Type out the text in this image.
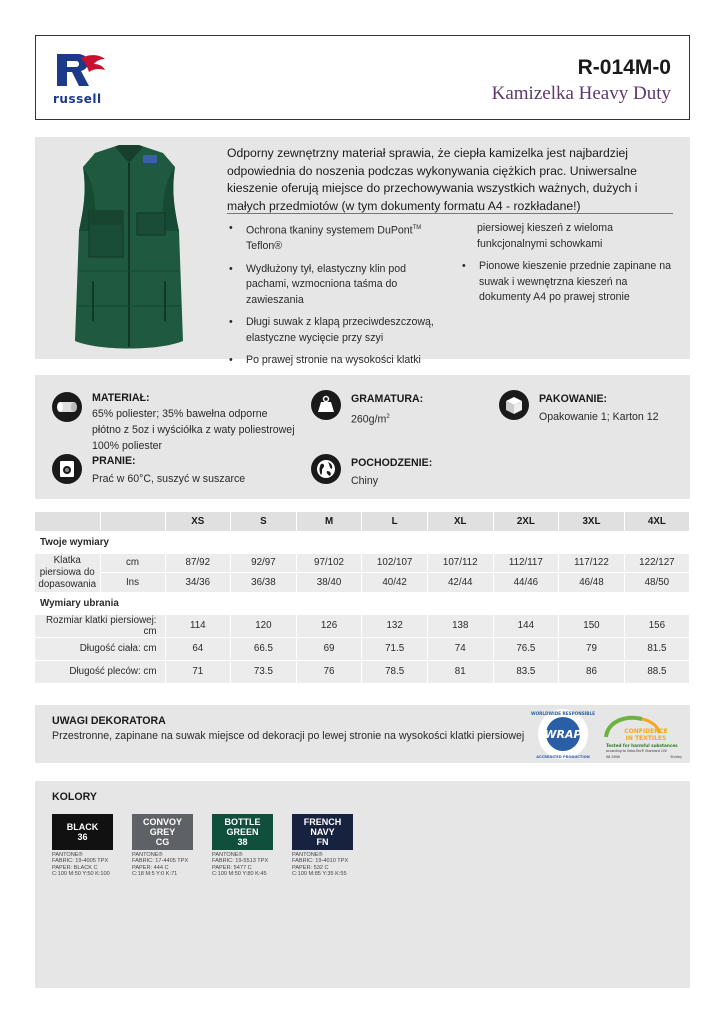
russell
R-014M-0
Kamizelka Heavy Duty
Odporny zewnętrzny materiał sprawia, że ciepła kamizelka jest najbardziej odpowiednia do noszenia podczas wykonywania ciężkich prac. Uniwersalne kieszenie oferują miejsce do przechowywania wszystkich ważnych, dużych i małych przedmiotów (w tym dokumenty formatu A4 - rozkładane!)
• Ochrona tkaniny systemem DuPont™
Teflon®
• Wydłużony tył, elastyczny klin pod pachami, wzmocniona taśma do zawieszania
• Długi suwak z klapą przeciwdeszczową, elastyczne wycięcie przy szyi
• Po prawej stronie na wysokości klatki
piersiowej kieszeń z wieloma funkcjonalnymi schowkami
• Pionowe kieszenie przednie zapinane na suwak i wewnętrzna kieszeń na dokumenty A4 po prawej stronie
MATERIAŁ:
65% poliester; 35% bawełna odporne płótno z 5oz i wyściółka z waty poliestrowej 100% poliester
GRAMATURA:
$260g/m^2$
PAKOWANIE:
Opakowanie 1; Karton 12
PRANIE:
Prać w 60°C, suszyć w suszarce
POCHODZENIE:
Chiny
		XS	S	M	L	XL	2XL	3XL	4XL
Twoje wymiary									
Klatka piersiowa do dopasowania	cm	87/92	92/97	97/102	102/107	107/112	112/117	117/122	122/127
	Ins	34/36	36/38	38/40	40/42	42/44	44/46	46/48	48/50
Wymiary ubrania									
Rozmiar klatki piersiowej: cm		114	120	126	132	138	144	150	156
Długość ciała: cm		64	66.5	69	71.5	74	76.5	79	81.5
Długość pleców: cm		71	73.5	76	78.5	81	83.5	86	88.5
UWAGI DEKORATORA
Przestronne, zapinane na suwak miejsce od dekoracji po lewej stronie na wysokości klatki piersiowej WRAP
WORLDWIDE RESPONSIBLE
ACCREDITED PRODUCTION
CONFIDENCE
IN TEXTILES
Tested for harmful substances
according to Oeko-Tex® Standard 100
08-5940	Shirley
KOLORY
BLACK
36
PANTONE®
FABRIC: 19-4005 TPX
PAPER: BLACK C
C:100 M:50 Y:50 K:100
CONVOY
GREY
CG
PANTONE®
FABRIC: 17-4405 TPX
PAPER: 444 C
C:18 M:5 Y:0 K:71
BOTTLE
GREEN
38
PANTONE®
FABRIC: 19-5513 TPX
PAPER: 5477 C
C:100 M:50 Y:80 K:45
FRENCH
NAVY
FN
PANTONE®
FABRIC: 19-4010 TPX
PAPER: 532 C
C:100 M:85 Y:35 K:55
